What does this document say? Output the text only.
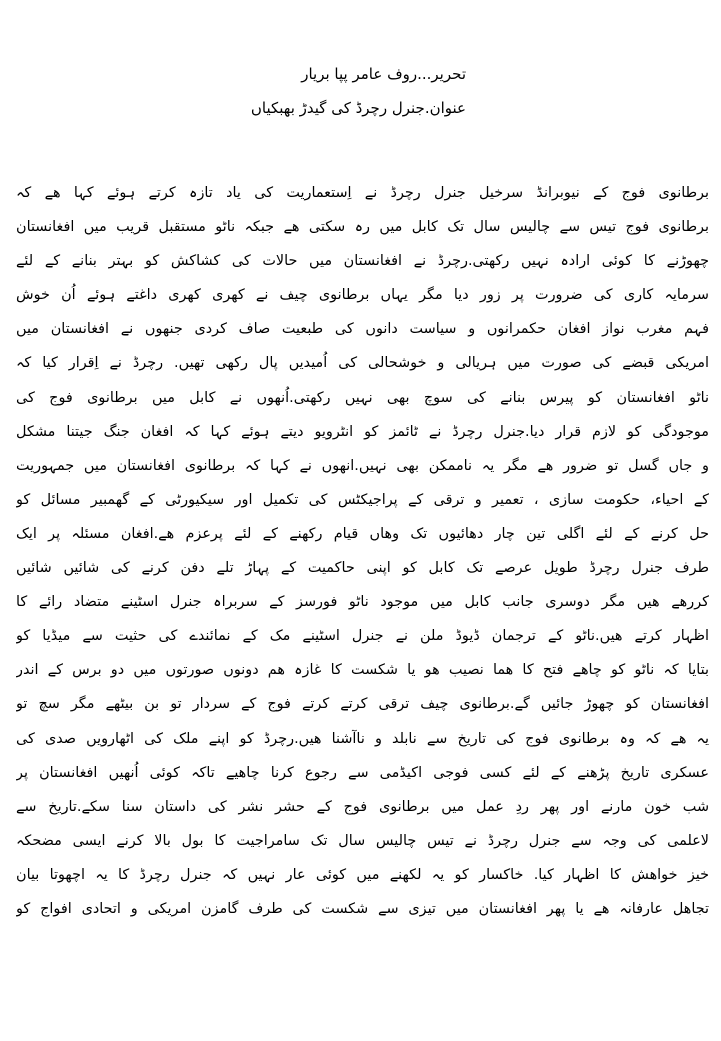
تحریر...روف عامر پپا بریار
عنوان.جنرل رچرڈ کی گیدڑ بھبکیاں
برطانوی فوج کے نیوبرانڈ سرخیل جنرل رچرڈ نے اِستعماریت کی یاد تازہ کرتے ہوئے کہا ھے کہ
برطانوی فوج تیس سے چالیس سال تک کابل میں رہ سکتی ھے جبکہ ناٹو مستقبل قریب میں افغانستان
چھوڑنے کا کوئی ارادہ نہیں رکھتی.رچرڈ نے افغانستان میں حالات کی کشاکش کو بہتر بنانے کے لئے
سرمایہ کاری کی ضرورت پر زور دیا مگر یہاں برطانوی چیف نے کھری کھری داغتے ہوئے اُن خوش
فہم مغرب نواز افغان حکمرانوں و سیاست دانوں کی طبعیت صاف کردی جنھوں نے افغانستان میں
امریکی قبضے کی صورت میں ہریالی و خوشحالی کی اُمیدیں پال رکھی تھیں. رچرڈ نے اِقرار کیا کہ
ناٹو افغانستان کو پیرس بنانے کی سوچ بھی نہیں رکھتی.اُنھوں نے کابل میں برطانوی فوج کی
موجودگی کو لازم قرار دیا.جنرل رچرڈ نے ٹائمز کو انٹرویو دیتے ہوئے کہا کہ افغان جنگ جیتنا مشکل
و جاں گسل تو ضرور ھے مگر یہ ناممکن بھی نہیں.انھوں نے کہا کہ برطانوی افغانستان میں جمہوریت
کے احیاء، حکومت سازی ، تعمیر و ترقی کے پراجیکٹس کی تکمیل اور سیکیورٹی کے گھمبیر مسائل کو
حل کرنے کے لئے اگلی تین چار دھائیوں تک وھاں قیام رکھنے کے لئے پرعزم ھے.افغان مسئلہ پر ایک
طرف جنرل رچرڈ طویل عرصے تک کابل کو اپنی حاکمیت کے پہاڑ تلے دفن کرنے کی شائیں شائیں
کررھے ھیں مگر دوسری جانب کابل میں موجود ناٹو فورسز کے سربراہ جنرل اسٹینے متضاد رائے کا
اظہار کرتے ھیں.ناٹو کے ترجمان ڈیوڈ ملن نے جنرل اسٹینے مک کے نمائندے کی حثیت سے میڈیا کو
بتایا کہ ناٹو کو چاھے فتح کا ھما نصیب ھو یا شکست کا غازہ ھم دونوں صورتوں میں دو برس کے اندر
افغانستان کو چھوڑ جائیں گے.برطانوی چیف ترقی کرتے کرتے فوج کے سردار تو بن بیٹھے مگر سچ تو
یہ ھے کہ وہ برطانوی فوج کی تاریخ سے نابلد و ناآشنا ھیں.رچرڈ کو اپنے ملک کی اٹھارویں صدی کی
عسکری تاریخ پڑھنے کے لئے کسی فوجی اکیڈمی سے رجوع کرنا چاھیے تاکہ کوئی اُنھیں افغانستان پر
شب خون مارنے اور پھر ردِ عمل میں برطانوی فوج کے حشر نشر کی داستان سنا سکے.تاریخ سے
لاعلمی کی وجہ سے جنرل رچرڈ نے تیس چالیس سال تک سامراجیت کا بول بالا کرنے ایسی مضحکہ
خیز خواھش کا اظہار کیا. خاکسار کو یہ لکھنے میں کوئی عار نہیں کہ جنرل رچرڈ کا یہ اچھوتا بیان
تجاھل عارفانہ ھے یا پھر افغانستان میں تیزی سے شکست کی طرف گامزن امریکی و اتحادی افواج کو
